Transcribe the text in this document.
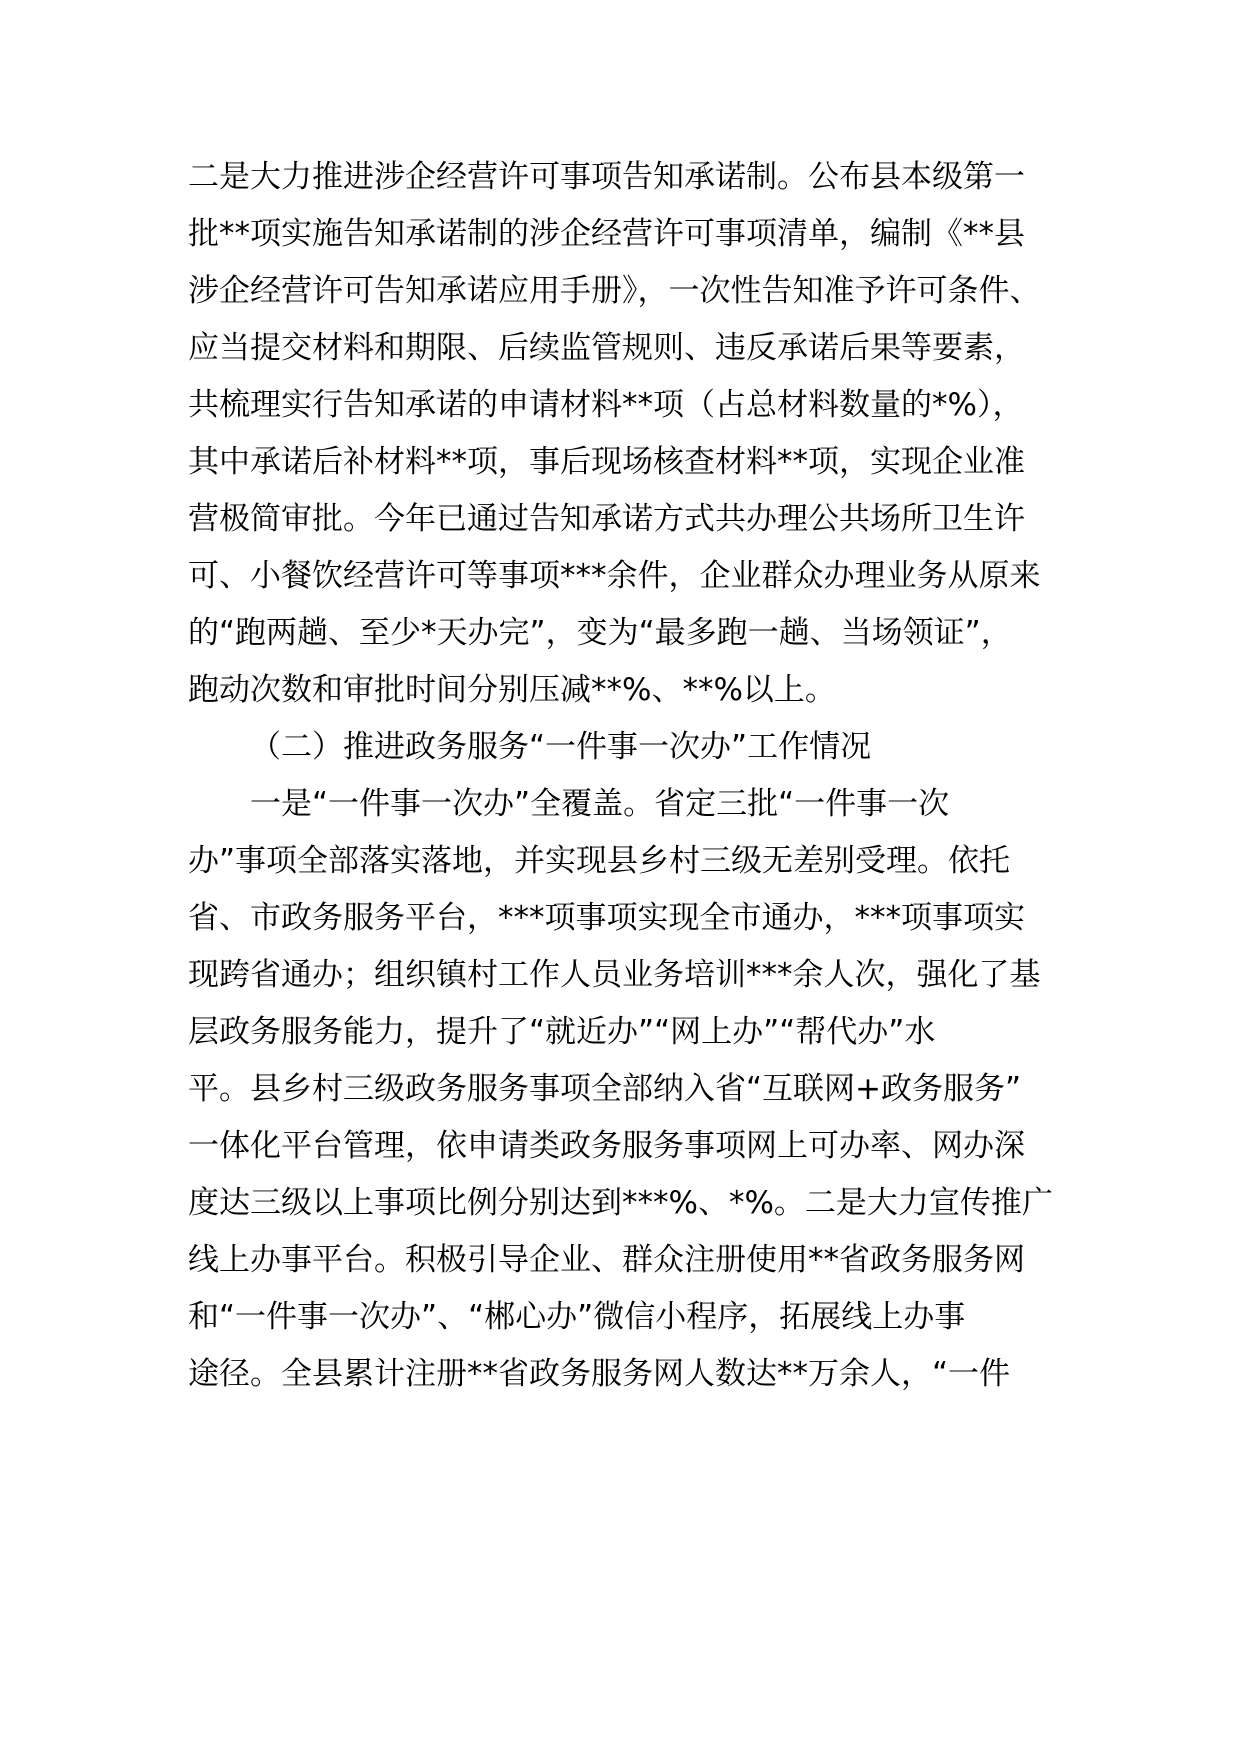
二是大力推进涉企经营许可事项告知承诺制。公布县本级第一
批**项实施告知承诺制的涉企经营许可事项清单，编制《**县
涉企经营许可告知承诺应用手册》，一次性告知准予许可条件、
应当提交材料和期限、后续监管规则、违反承诺后果等要素，
共梳理实行告知承诺的申请材料**项（占总材料数量的*%），
其中承诺后补材料**项，事后现场核查材料**项，实现企业准
营极简审批。今年已通过告知承诺方式共办理公共场所卫生许
可、小餐饮经营许可等事项***余件，企业群众办理业务从原来
的“跑两趟、至少*天办完”，变为“最多跑一趟、当场领证”，
跑动次数和审批时间分别压减**%、**%以上。
（二）推进政务服务“一件事一次办”工作情况
一是“一件事一次办”全覆盖。省定三批“一件事一次
办”事项全部落实落地，并实现县乡村三级无差别受理。依托
省、市政务服务平台，***项事项实现全市通办，***项事项实
现跨省通办；组织镇村工作人员业务培训***余人次，强化了基
层政务服务能力，提升了“就近办”“网上办”“帮代办”水
平。县乡村三级政务服务事项全部纳入省“互联网+政务服务”
一体化平台管理，依申请类政务服务事项网上可办率、网办深
度达三级以上事项比例分别达到***%、*%。二是大力宣传推广
线上办事平台。积极引导企业、群众注册使用**省政务服务网
和“一件事一次办”、“郴心办”微信小程序，拓展线上办事
途径。全县累计注册**省政务服务网人数达**万余人，“一件
